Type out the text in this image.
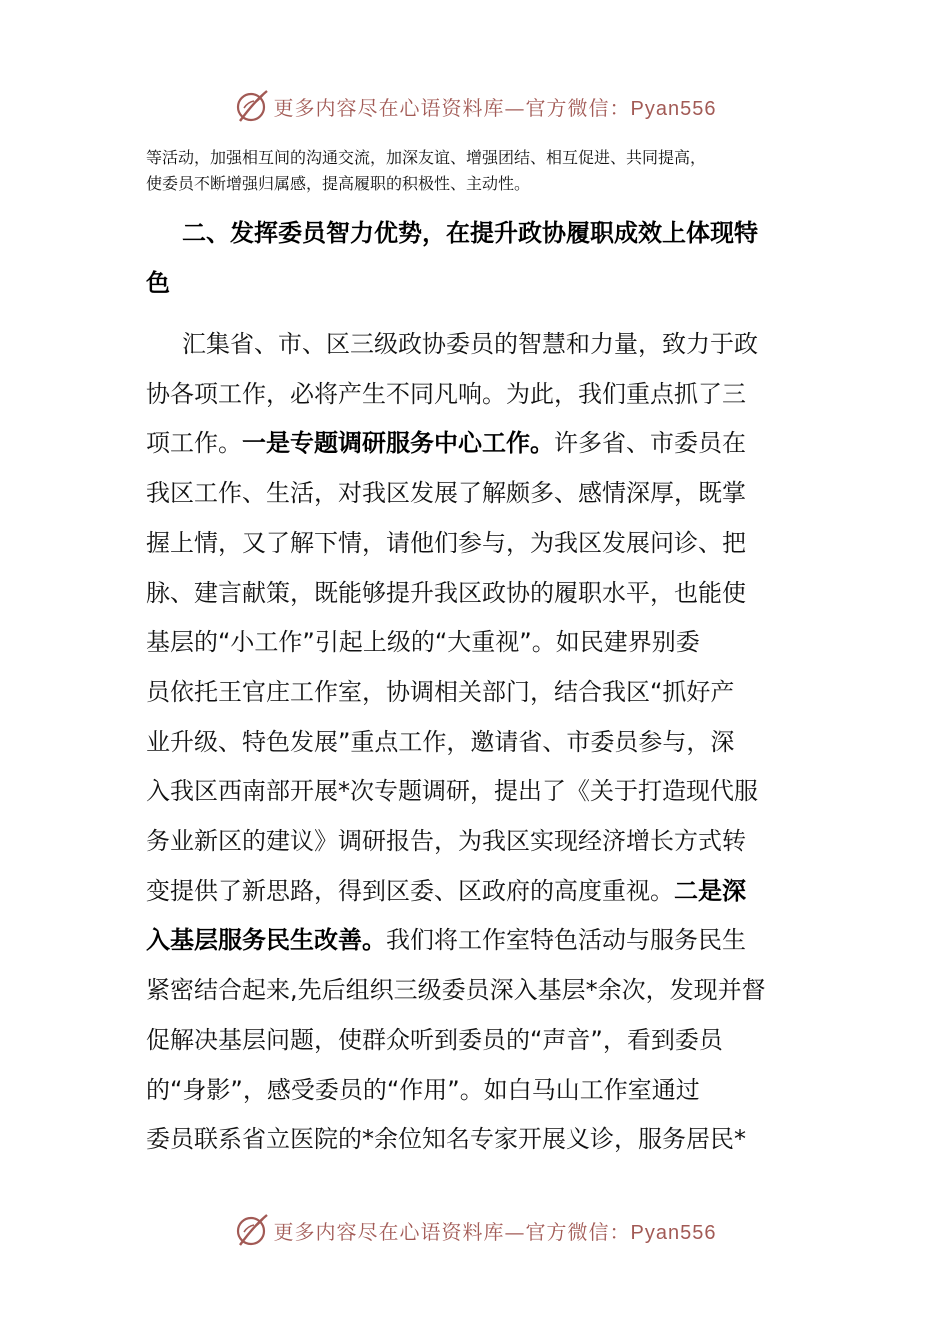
更多内容尽在心语资料库—官方微信：Pyan556
等活动，加强相互间的沟通交流，加深友谊、增强团结、相互促进、共同提高，
使委员不断增强归属感，提高履职的积极性、主动性。
二、发挥委员智力优势，在提升政协履职成效上体现特
色
汇集省、市、区三级政协委员的智慧和力量，致力于政
协各项工作，必将产生不同凡响。为此，我们重点抓了三
项工作。一是专题调研服务中心工作。许多省、市委员在
我区工作、生活，对我区发展了解颇多、感情深厚，既掌
握上情，又了解下情，请他们参与，为我区发展问诊、把
脉、建言献策，既能够提升我区政协的履职水平，也能使
基层的“小工作”引起上级的“大重视”。如民建界别委
员依托王官庄工作室，协调相关部门，结合我区“抓好产
业升级、特色发展”重点工作，邀请省、市委员参与，深
入我区西南部开展*次专题调研，提出了《关于打造现代服
务业新区的建议》调研报告，为我区实现经济增长方式转
变提供了新思路，得到区委、区政府的高度重视。二是深
入基层服务民生改善。我们将工作室特色活动与服务民生
紧密结合起来,先后组织三级委员深入基层*余次，发现并督
促解决基层问题，使群众听到委员的“声音”，看到委员
的“身影”，感受委员的“作用”。如白马山工作室通过
委员联系省立医院的*余位知名专家开展义诊，服务居民*
更多内容尽在心语资料库—官方微信：Pyan556
